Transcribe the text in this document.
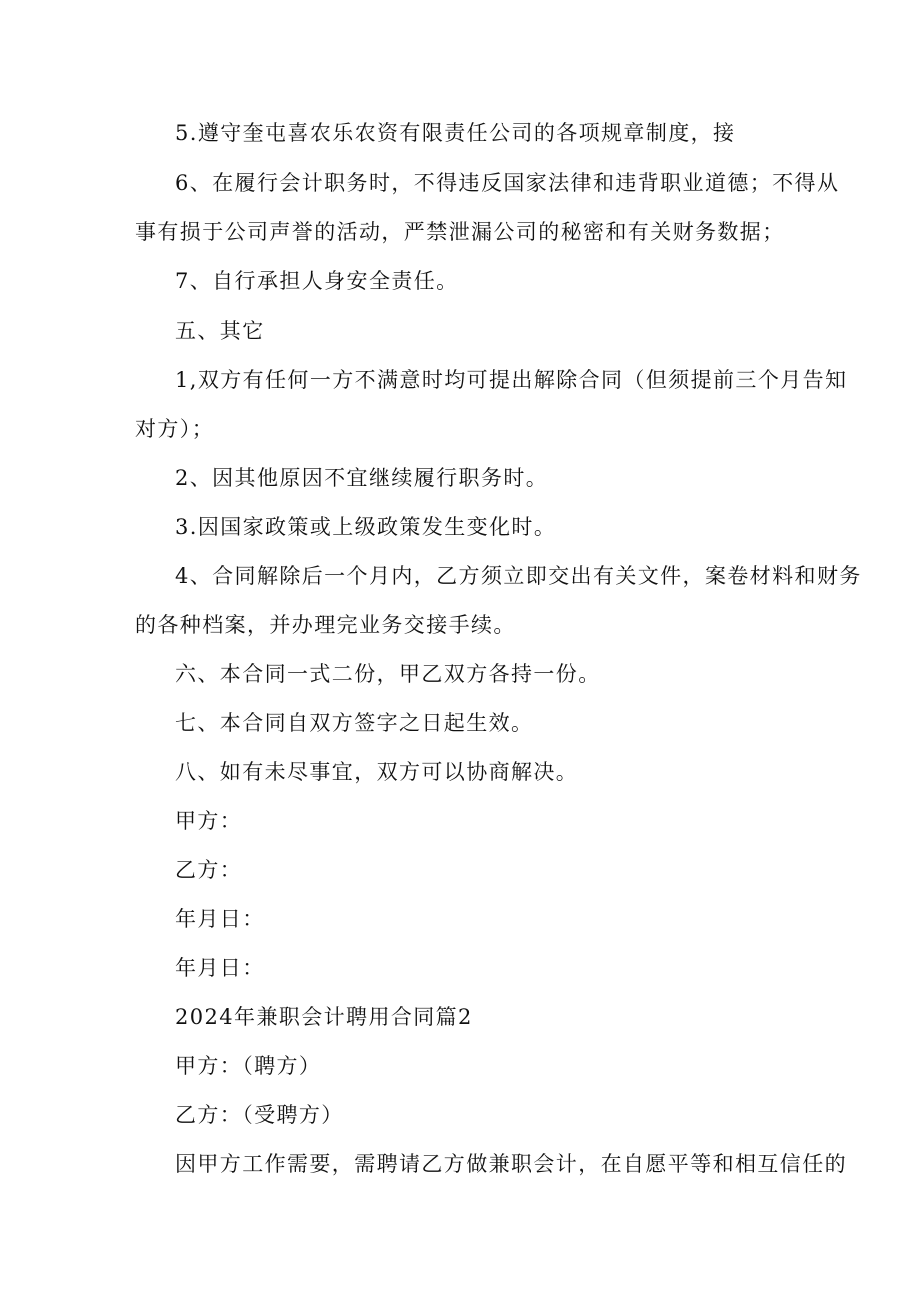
5.遵守奎屯喜农乐农资有限责任公司的各项规章制度，接
6、在履行会计职务时，不得违反国家法律和违背职业道德；不得从
事有损于公司声誉的活动，严禁泄漏公司的秘密和有关财务数据；
7、自行承担人身安全责任。
五、其它
1,双方有任何一方不满意时均可提出解除合同（但须提前三个月告知
对方）；
2、因其他原因不宜继续履行职务时。
3.因国家政策或上级政策发生变化时。
4、合同解除后一个月内，乙方须立即交出有关文件，案卷材料和财务
的各种档案，并办理完业务交接手续。
六、本合同一式二份，甲乙双方各持一份。
七、本合同自双方签字之日起生效。
八、如有未尽事宜，双方可以协商解决。
甲方：
乙方：
年月日：
年月日：
2024年兼职会计聘用合同篇2
甲方：（聘方）
乙方：（受聘方）
因甲方工作需要，需聘请乙方做兼职会计，在自愿平等和相互信任的
